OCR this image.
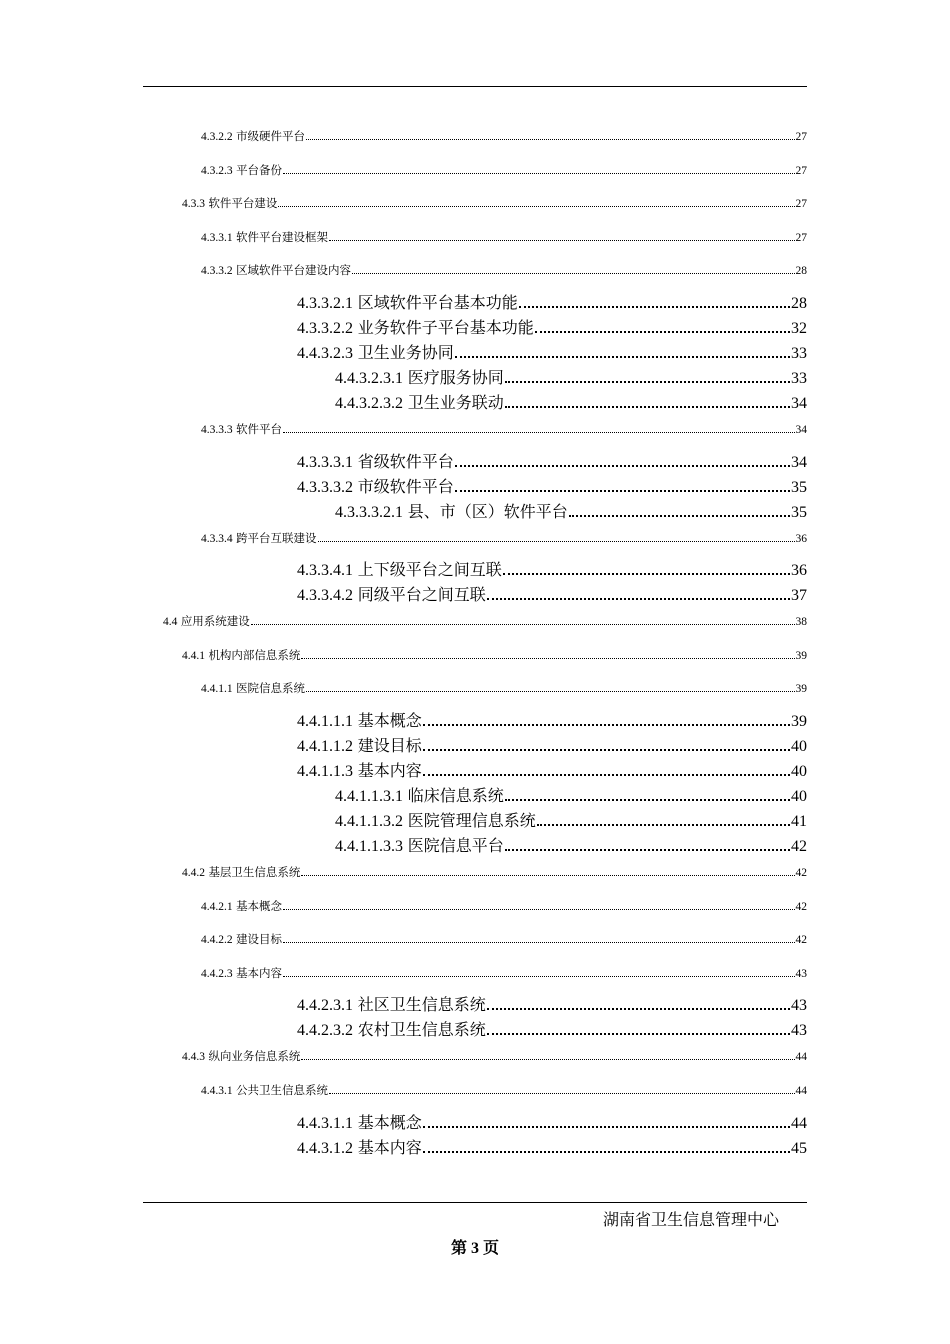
4.3.2.2 市级硬件平台	27
4.3.2.3 平台备份	27
4.3.3 软件平台建设	27
4.3.3.1 软件平台建设框架	27
4.3.3.2 区域软件平台建设内容	28
4.3.3.2.1 区域软件平台基本功能	28
4.3.3.2.2 业务软件子平台基本功能	32
4.4.3.2.3 卫生业务协同	33
4.4.3.2.3.1 医疗服务协同	33
4.4.3.2.3.2 卫生业务联动	34
4.3.3.3 软件平台	34
4.3.3.3.1 省级软件平台	34
4.3.3.3.2 市级软件平台	35
4.3.3.3.2.1 县、市（区）软件平台	35
4.3.3.4 跨平台互联建设	36
4.3.3.4.1 上下级平台之间互联	36
4.3.3.4.2 同级平台之间互联	37
4.4 应用系统建设	38
4.4.1 机构内部信息系统	39
4.4.1.1 医院信息系统	39
4.4.1.1.1 基本概念	39
4.4.1.1.2 建设目标	40
4.4.1.1.3 基本内容	40
4.4.1.1.3.1 临床信息系统	40
4.4.1.1.3.2 医院管理信息系统	41
4.4.1.1.3.3 医院信息平台	42
4.4.2 基层卫生信息系统	42
4.4.2.1 基本概念	42
4.4.2.2 建设目标	42
4.4.2.3 基本内容	43
4.4.2.3.1 社区卫生信息系统	43
4.4.2.3.2 农村卫生信息系统	43
4.4.3 纵向业务信息系统	44
4.4.3.1 公共卫生信息系统	44
4.4.3.1.1 基本概念	44
4.4.3.1.2 基本内容	45
湖南省卫生信息管理中心
第 3 页
